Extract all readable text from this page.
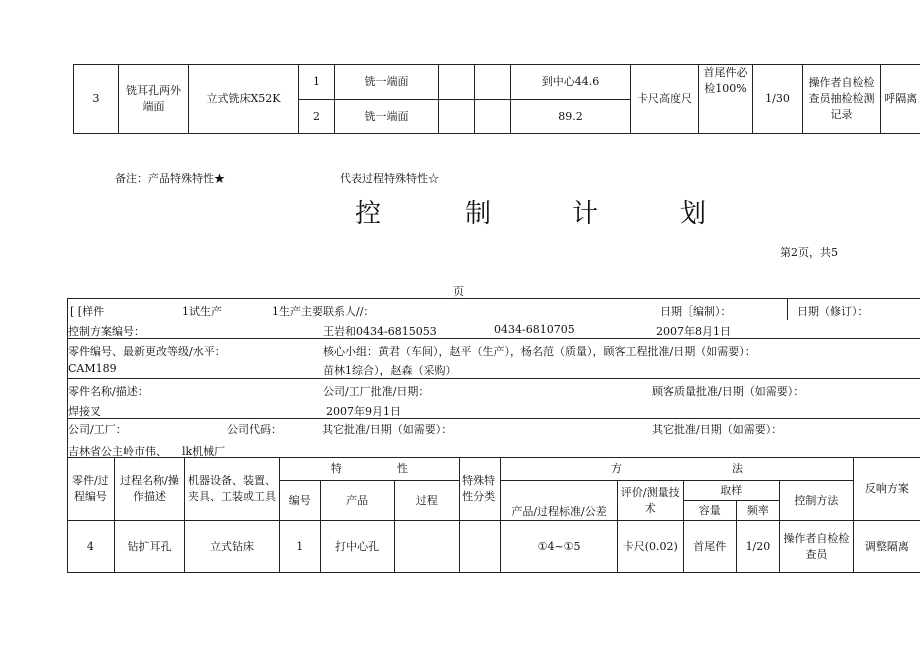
3	铣耳孔两外端面	立式铣床X52K	1	铣一端面			到中心44.6	卡尺高度尺	首尾件必检100%	1/30	操作者自检检查员抽检检测记录	呼隔离
			2	铣一端面			89.2					
备注：产品特殊特性★	代表过程特殊特性☆
控	制	计	划
第2页，共5
页
[ [样件	1试生产	1生产主要联系人//：	日期［编制）：	日期（修订）：
控制方案编号：	王岩和0434-6815053	0434-6810705	2007年8月1日
零件编号、最新更改等级/水平：	核心小组：黄君（车间），赵平（生产），杨名范（质量），顾客工程批准/日期（如需要）：
CAM189	苗林1综合），赵森（采购）
零件名称/描述：	公司/工厂批准/日期：	顾客质量批准/日期（如需要）：
焊接叉	2007年9月1日
公司/工厂：	公司代码：	其它批准/日期（如需要）：	其它批准/日期（如需要）：
吉林省公主岭市伟、 lk机械厂
零件/过程编号	过程名称/操作描述	机器设备、装置、夹具、工装或工具	特　　　　　性			特殊特性分类	方　　　　　　　　　　法					反响方案
			编号	产品	过程		产品/过程标准/公差	评价/测量技术	取样		控制方法	
									容量	频率		
4	钻扩耳孔	立式钻床	1	打中心孔			①4~①5	卡尺(0.02)	首尾件	1/20	操作者自检检查员	调整隔离
